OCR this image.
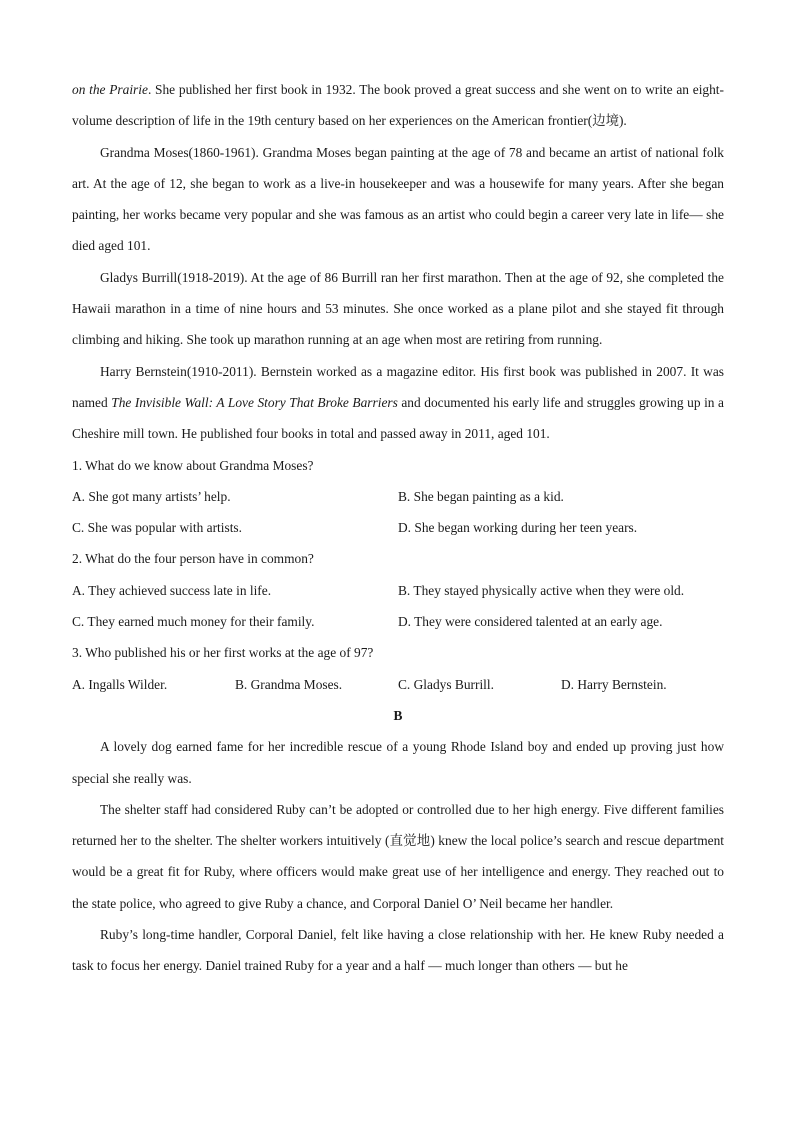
on the Prairie. She published her first book in 1932. The book proved a great success and she went on to write an eight- volume description of life in the 19th century based on her experiences on the American frontier(边境).

Grandma Moses(1860-1961). Grandma Moses began painting at the age of 78 and became an artist of national folk art. At the age of 12, she began to work as a live-in housekeeper and was a housewife for many years. After she began painting, her works became very popular and she was famous as an artist who could begin a career very late in life— she died aged 101.

Gladys Burrill(1918-2019). At the age of 86 Burrill ran her first marathon. Then at the age of 92, she completed the Hawaii marathon in a time of nine hours and 53 minutes. She once worked as a plane pilot and she stayed fit through climbing and hiking. She took up marathon running at an age when most are retiring from running.

Harry Bernstein(1910-2011). Bernstein worked as a magazine editor. His first book was published in 2007. It was named The Invisible Wall: A Love Story That Broke Barriers and documented his early life and struggles growing up in a Cheshire mill town. He published four books in total and passed away in 2011, aged 101.

1. What do we know about Grandma Moses?

A. She got many artists’ help.	B. She began painting as a kid.
C. She was popular with artists.	D. She began working during her teen years.

2. What do the four person have in common?

A. They achieved success late in life.	B. They stayed physically active when they were old.
C. They earned much money for their family.	D. They were considered talented at an early age.

3. Who published his or her first works at the age of 97?

A. Ingalls Wilder.	B. Grandma Moses.	C. Gladys Burrill.	D. Harry Bernstein.

B

A lovely dog earned fame for her incredible rescue of a young Rhode Island boy and ended up proving just how special she really was.

The shelter staff had considered Ruby can’t be adopted or controlled due to her high energy. Five different families returned her to the shelter. The shelter workers intuitively (直觉地) knew the local police’s search and rescue department would be a great fit for Ruby, where officers would make great use of her intelligence and energy. They reached out to the state police, who agreed to give Ruby a chance, and Corporal Daniel O’ Neil became her handler.

Ruby’s long-time handler, Corporal Daniel, felt like having a close relationship with her. He knew Ruby needed a task to focus her energy. Daniel trained Ruby for a year and a half — much longer than others — but he
